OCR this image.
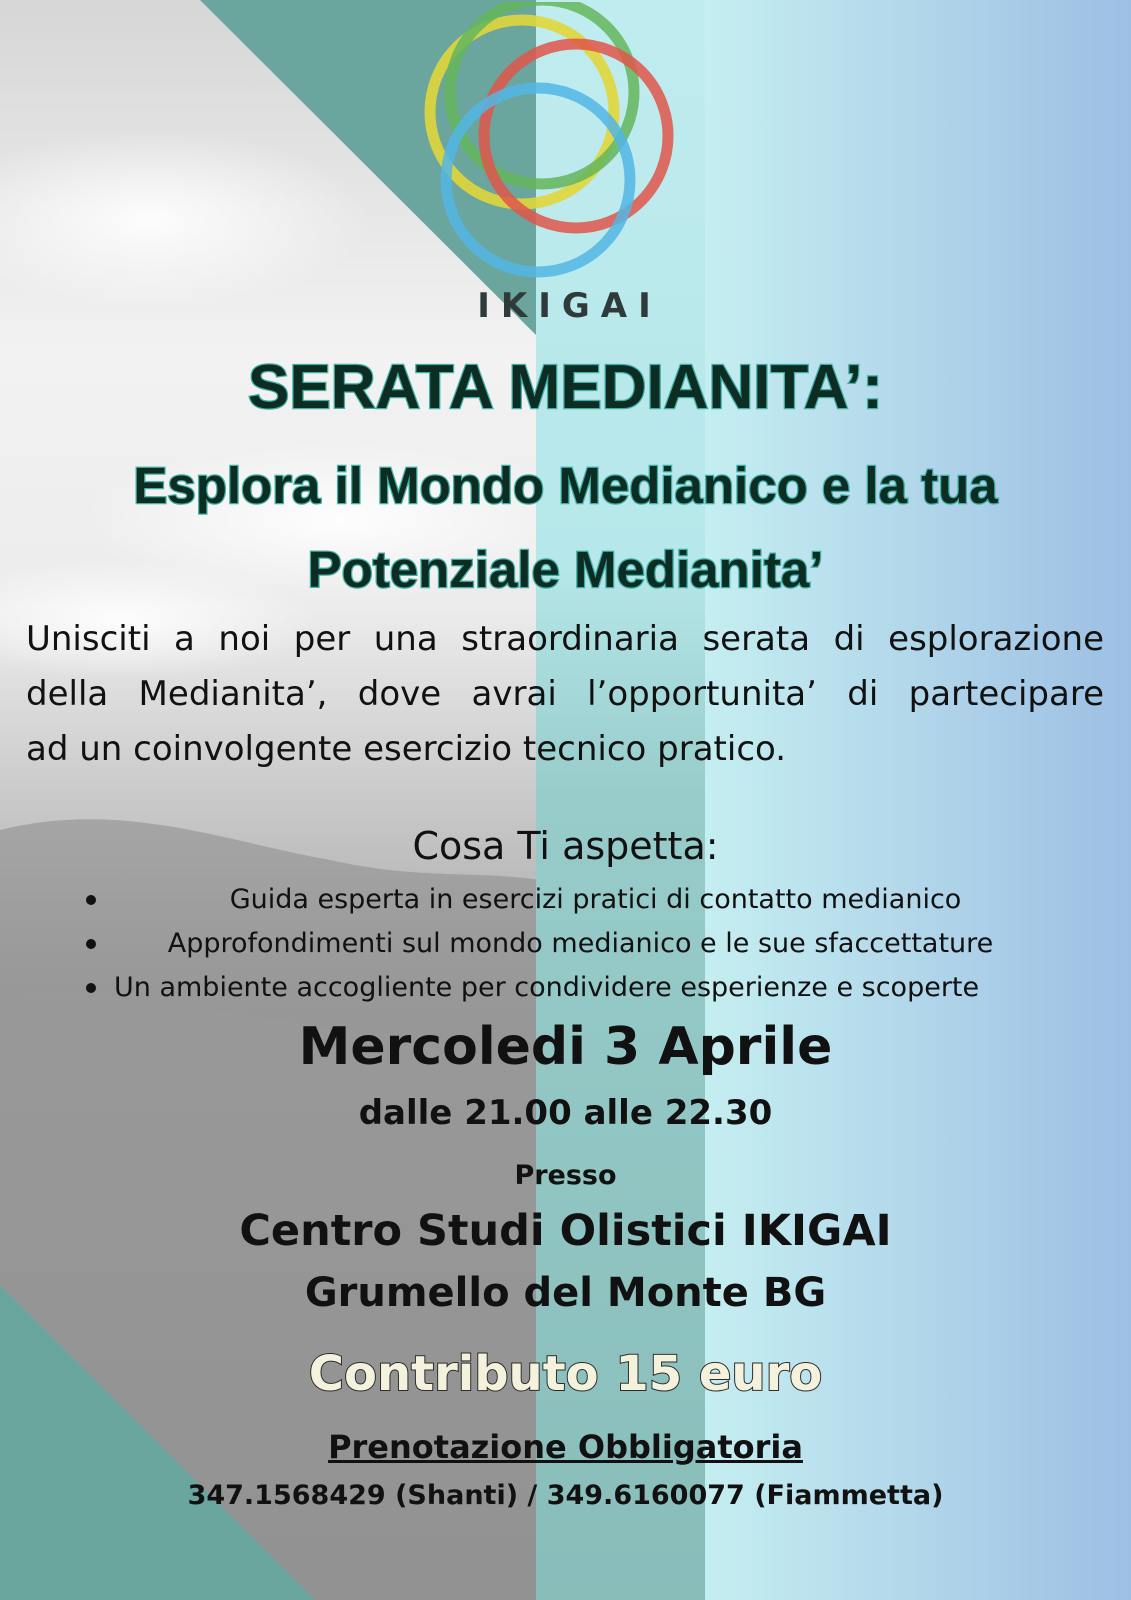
IKIGAI
SERATA MEDIANITA’:
Esplora il Mondo Medianico e la tua
Potenziale Medianita’
Unisciti a noi per una straordinaria serata di esplorazione
della Medianita’, dove avrai l’opportunita’ di partecipare
ad un coinvolgente esercizio tecnico pratico.
Cosa Ti aspetta:
Guida esperta in esercizi pratici di contatto medianico
Approfondimenti sul mondo medianico e le sue sfaccettature
Un ambiente accogliente per condividere esperienze e scoperte
Mercoledi 3 Aprile
dalle 21.00 alle 22.30
Presso
Centro Studi Olistici IKIGAI
Grumello del Monte BG
Contributo 15 euro
Prenotazione Obbligatoria
347.1568429 (Shanti) / 349.6160077 (Fiammetta)
